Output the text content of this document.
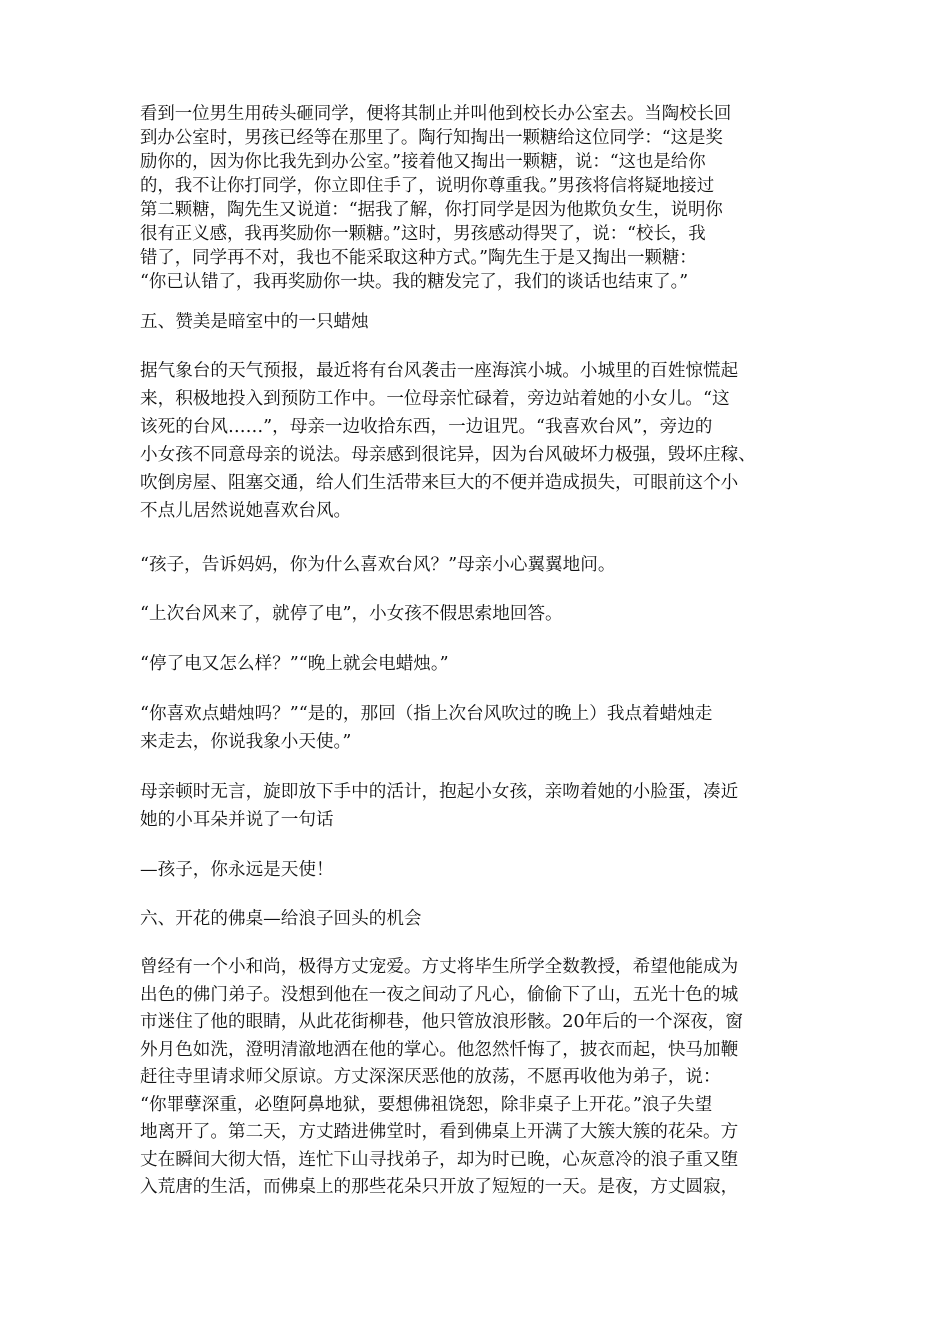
看到一位男生用砖头砸同学，便将其制止并叫他到校长办公室去。当陶校长回
到办公室时，男孩已经等在那里了。陶行知掏出一颗糖给这位同学：“这是奖
励你的，因为你比我先到办公室。”接着他又掏出一颗糖，说：“这也是给你
的，我不让你打同学，你立即住手了，说明你尊重我。”男孩将信将疑地接过
第二颗糖，陶先生又说道：“据我了解，你打同学是因为他欺负女生，说明你
很有正义感，我再奖励你一颗糖。”这时，男孩感动得哭了，说：“校长，我
错了，同学再不对，我也不能采取这种方式。”陶先生于是又掏出一颗糖：
“你已认错了，我再奖励你一块。我的糖发完了，我们的谈话也结束了。”
五、赞美是暗室中的一只蜡烛
据气象台的天气预报，最近将有台风袭击一座海滨小城。小城里的百姓惊慌起
来，积极地投入到预防工作中。一位母亲忙碌着，旁边站着她的小女儿。“这
该死的台风……”，母亲一边收拾东西，一边诅咒。“我喜欢台风”，旁边的
小女孩不同意母亲的说法。母亲感到很诧异，因为台风破坏力极强，毁坏庄稼、
吹倒房屋、阻塞交通，给人们生活带来巨大的不便并造成损失，可眼前这个小
不点儿居然说她喜欢台风。
“孩子，告诉妈妈，你为什么喜欢台风？”母亲小心翼翼地问。
“上次台风来了，就停了电”，小女孩不假思索地回答。
“停了电又怎么样？”“晚上就会电蜡烛。”
“你喜欢点蜡烛吗？”“是的，那回（指上次台风吹过的晚上）我点着蜡烛走
来走去，你说我象小天使。”
母亲顿时无言，旋即放下手中的活计，抱起小女孩，亲吻着她的小脸蛋，凑近
她的小耳朵并说了一句话
—孩子，你永远是天使！
六、开花的佛桌—给浪子回头的机会
曾经有一个小和尚，极得方丈宠爱。方丈将毕生所学全数教授，希望他能成为
出色的佛门弟子。没想到他在一夜之间动了凡心，偷偷下了山，五光十色的城
市迷住了他的眼睛，从此花街柳巷，他只管放浪形骸。20年后的一个深夜，窗
外月色如洗，澄明清澈地洒在他的掌心。他忽然忏悔了，披衣而起，快马加鞭
赶往寺里请求师父原谅。方丈深深厌恶他的放荡，不愿再收他为弟子，说：
“你罪孽深重，必堕阿鼻地狱，要想佛祖饶恕，除非桌子上开花。”浪子失望
地离开了。第二天，方丈踏进佛堂时，看到佛桌上开满了大簇大簇的花朵。方
丈在瞬间大彻大悟，连忙下山寻找弟子，却为时已晚，心灰意冷的浪子重又堕
入荒唐的生活，而佛桌上的那些花朵只开放了短短的一天。是夜，方丈圆寂，
